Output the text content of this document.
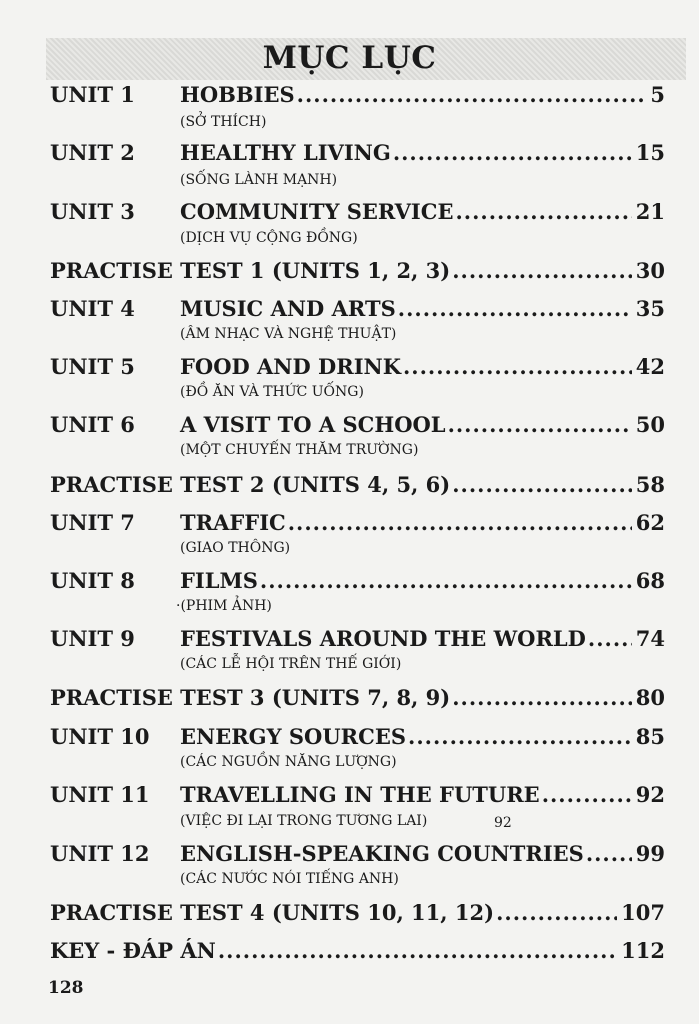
MỤC LỤC
UNIT 1 HOBBIES .....	5
(SỞ THÍCH)
UNIT 2 HEALTHY LIVING .....	15
(SỐNG LÀNH MẠNH)
UNIT 3 COMMUNITY SERVICE .....	21
(DỊCH VỤ CỘNG ĐỒNG)
PRACTISE TEST 1 (UNITS 1, 2, 3) .....	30
UNIT 4 MUSIC AND ARTS .....	35
(ÂM NHẠC VÀ NGHỆ THUẬT)
UNIT 5 FOOD AND DRINK .....	42
(ĐỒ ĂN VÀ THỨC UỐNG)
UNIT 6 A VISIT TO A SCHOOL .....	50
(MỘT CHUYẾN THĂM TRƯỜNG)
PRACTISE TEST 2 (UNITS 4, 5, 6) .....	58
UNIT 7 TRAFFIC .....	62
(GIAO THÔNG)
UNIT 8 FILMS .....	68
·(PHIM ẢNH)
UNIT 9 FESTIVALS AROUND THE WORLD ..... 74
(CÁC LỄ HỘI TRÊN THẾ GIỚI)
PRACTISE TEST 3 (UNITS 7, 8, 9) .....	80
UNIT 10 ENERGY SOURCES .....	85
(CÁC NGUỒN NĂNG LƯỢNG)
UNIT 11 TRAVELLING IN THE FUTURE .....	92
(VIỆC ĐI LẠI TRONG TƯƠNG LAI)	92
UNIT 12 ENGLISH-SPEAKING COUNTRIES ..... 99
(CÁC NƯỚC NÓI TIẾNG ANH)
PRACTISE TEST 4 (UNITS 10, 11, 12) .....	107
KEY - ĐÁP ÁN .....	112
128
